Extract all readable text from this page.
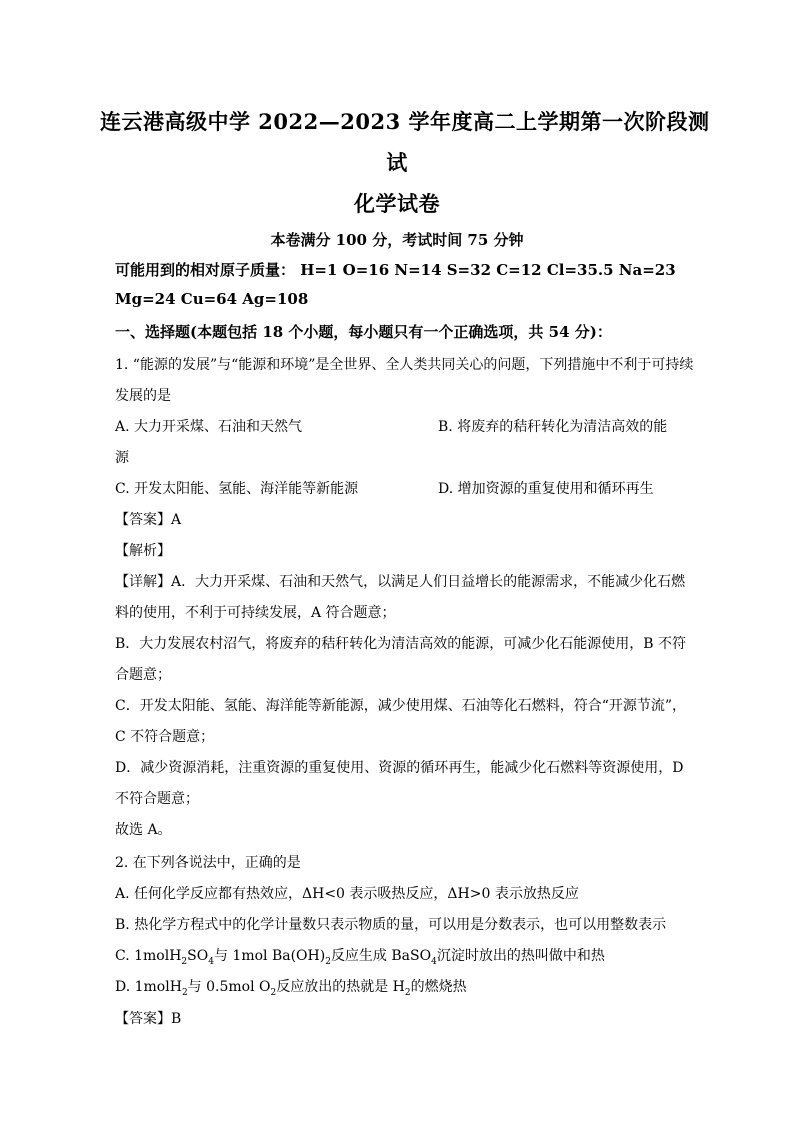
连云港高级中学 2022—2023 学年度高二上学期第一次阶段测
试
化学试卷
本卷满分 100 分，考试时间 75 分钟
可能用到的相对原子质量： H=1 O=16 N=14 S=32 C=12 Cl=35.5 Na=23
Mg=24 Cu=64 Ag=108
一、选择题(本题包括 18 个小题，每小题只有一个正确选项，共 54 分)：
1. “能源的发展”与“能源和环境”是全世界、全人类共同关心的问题，下列措施中不利于可持续
发展的是
A. 大力开采煤、石油和天然气	B. 将废弃的秸秆转化为清洁高效的能
源
C. 开发太阳能、氢能、海洋能等新能源	D. 增加资源的重复使用和循环再生
【答案】A
【解析】
【详解】A．大力开采煤、石油和天然气，以满足人们日益增长的能源需求，不能减少化石燃
料的使用，不利于可持续发展，A 符合题意；
B．大力发展农村沼气，将废弃的秸秆转化为清洁高效的能源，可减少化石能源使用，B 不符
合题意；
C．开发太阳能、氢能、海洋能等新能源，减少使用煤、石油等化石燃料，符合“开源节流”，
C 不符合题意；
D．减少资源消耗，注重资源的重复使用、资源的循环再生，能减少化石燃料等资源使用，D
不符合题意；
故选 A。
2. 在下列各说法中，正确的是
A. 任何化学反应都有热效应，ΔH<0 表示吸热反应，ΔH>0 表示放热反应
B. 热化学方程式中的化学计量数只表示物质的量，可以用是分数表示，也可以用整数表示
C. $1molH_2SO_4$与 1mol $Ba(OH)_2$反应生成 BaSO$_4$沉淀时放出的热叫做中和热
D. 1molH$_2$与 0.5mol $O_2$反应放出的热就是 $H_2$的燃烧热
【答案】B
